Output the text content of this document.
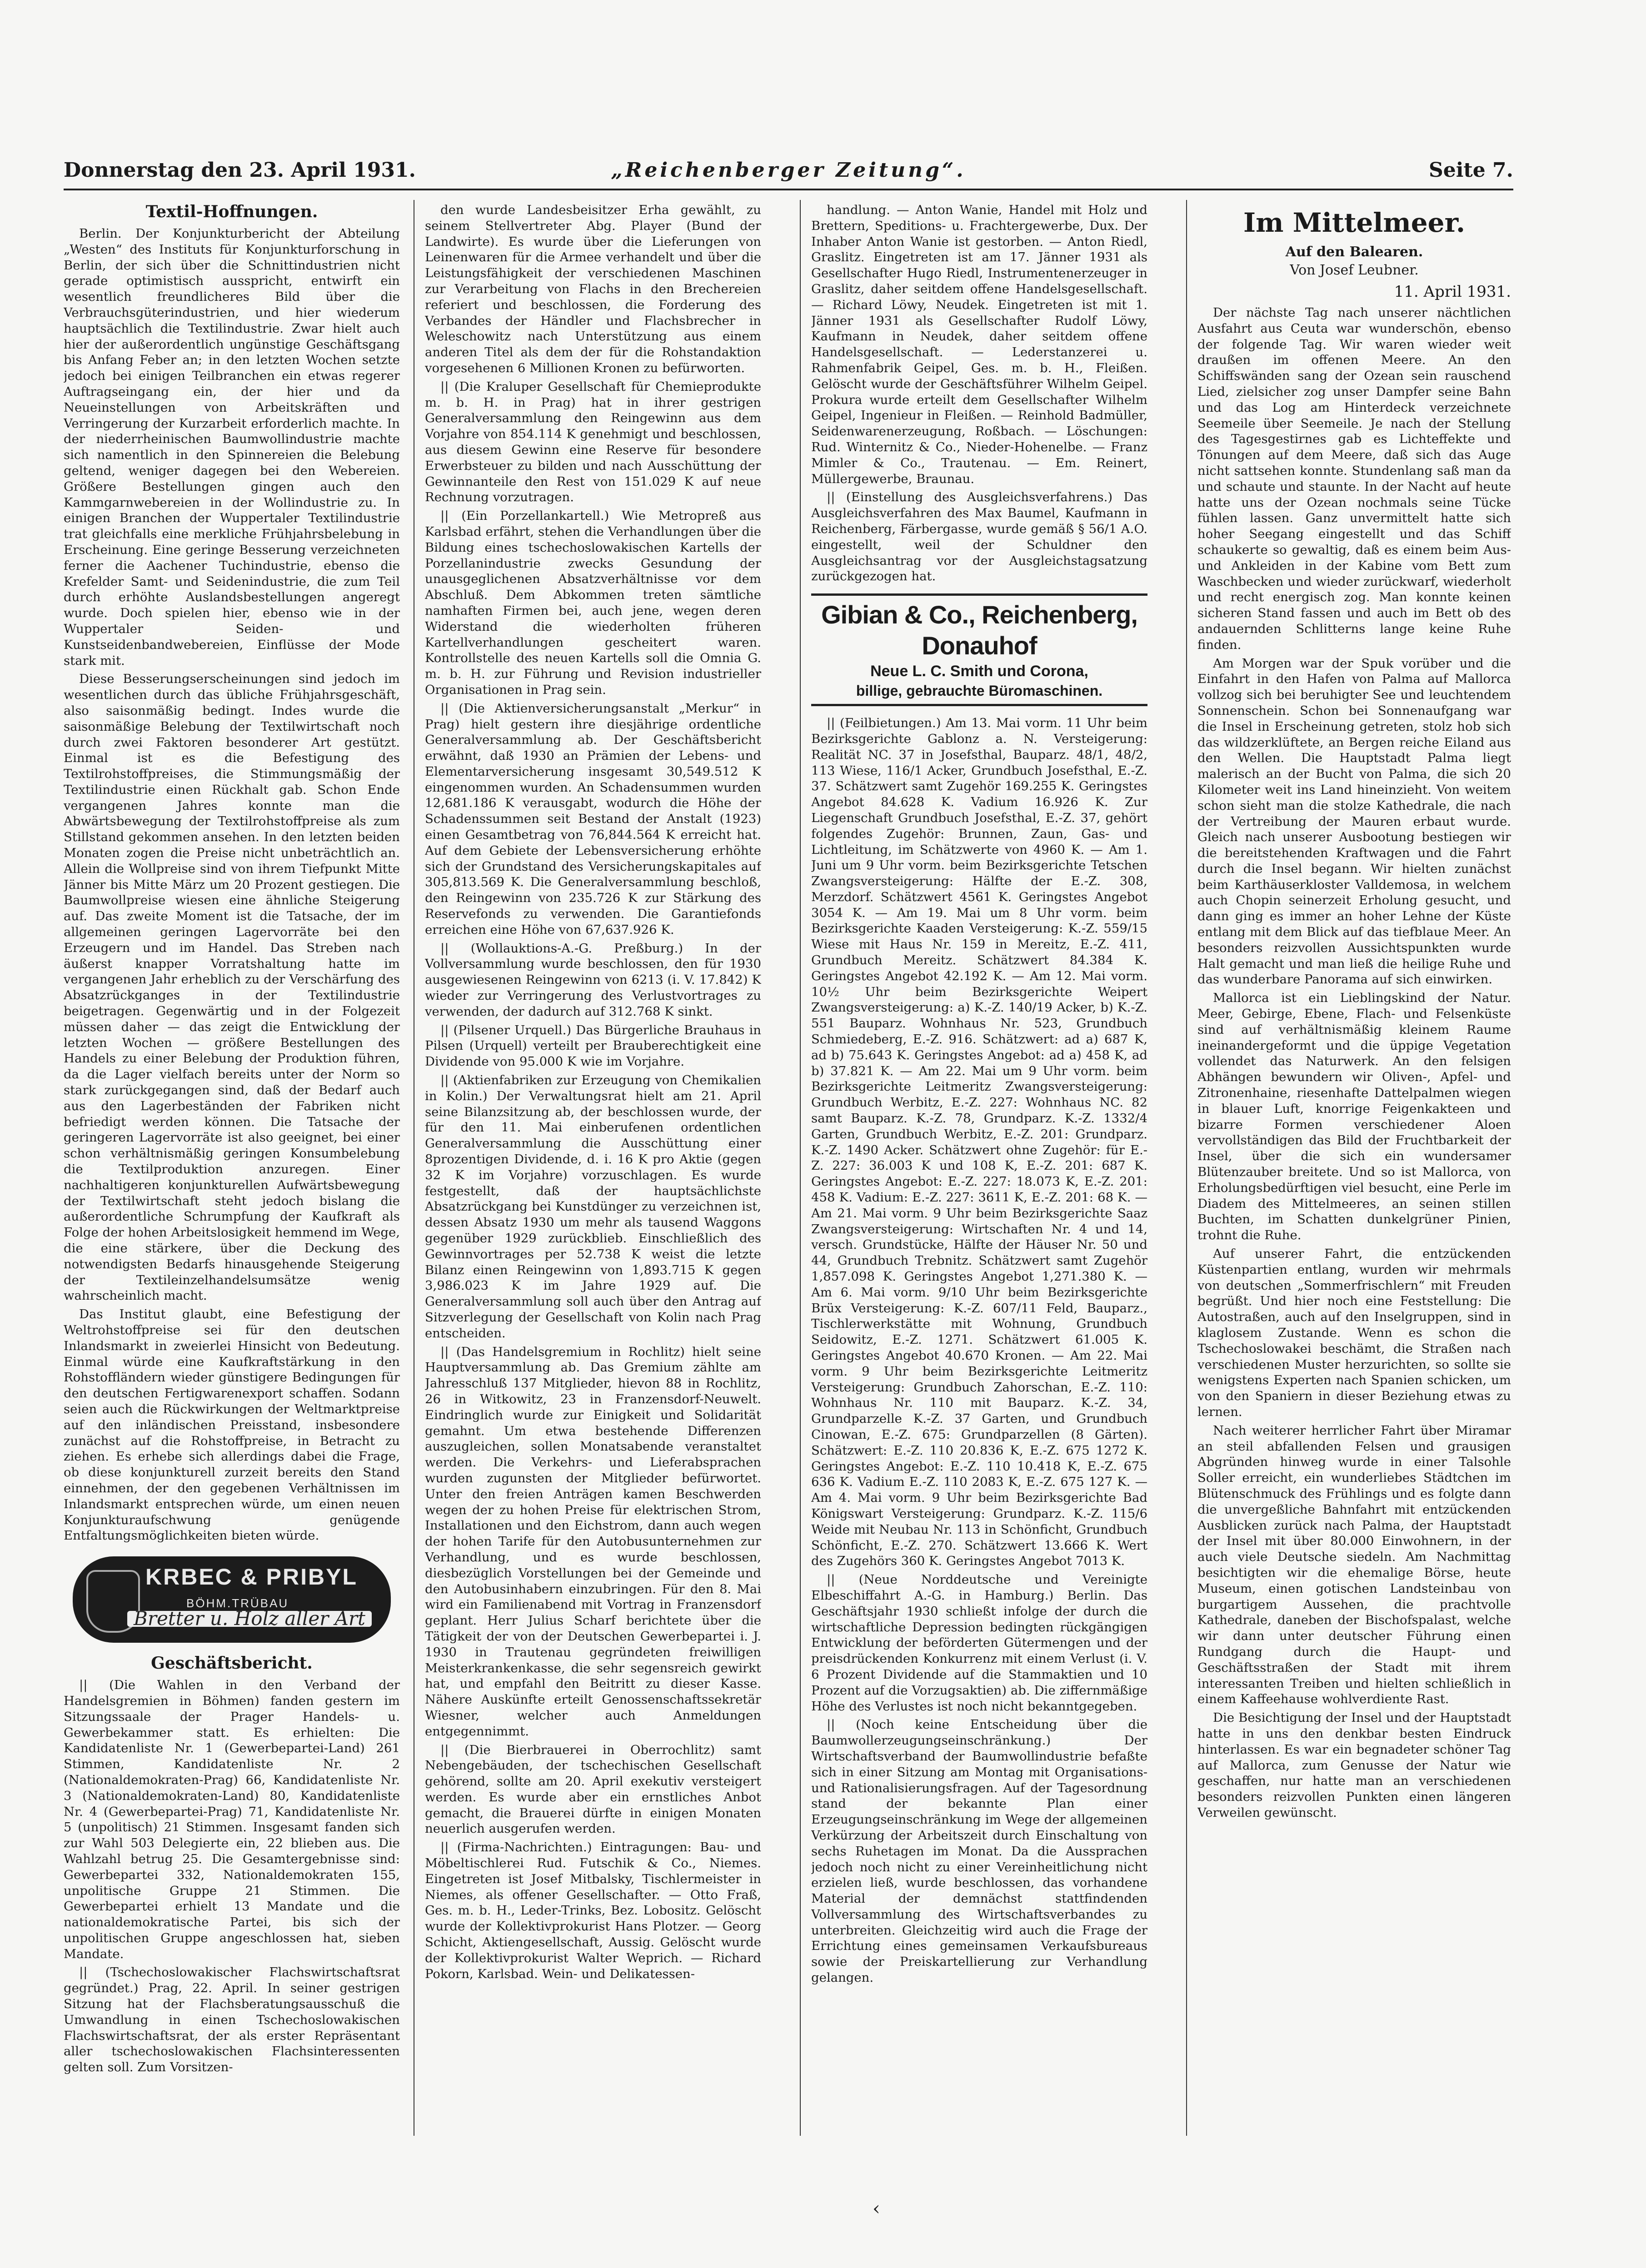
Donnerstag den 23. April 1931.	„Reichenberger Zeitung“.	Seite 7.
Textil-Hoffnungen.

Berlin. Der Konjunkturbericht der Abteilung „Westen“ des Instituts für Konjunkturforschung in Berlin, der sich über die Schnittindustrien nicht gerade optimistisch ausspricht, entwirft ein wesentlich freundlicheres Bild über die Verbrauchsgüterindustrien, und hier wiederum hauptsächlich die Textilindustrie. Zwar hielt auch hier der außerordentlich ungünstige Geschäftsgang bis Anfang Feber an; in den letzten Wochen setzte jedoch bei einigen Teilbranchen ein etwas regerer Auftragseingang ein, der hier und da Neueinstellungen von Arbeitskräften und Verringerung der Kurzarbeit erforderlich machte. In der niederrheinischen Baumwollindustrie machte sich namentlich in den Spinnereien die Belebung geltend, weniger dagegen bei den Webereien. Größere Bestellungen gingen auch den Kammgarnwebereien in der Wollindustrie zu. In einigen Branchen der Wuppertaler Textilindustrie trat gleichfalls eine merkliche Frühjahrsbelebung in Erscheinung. Eine geringe Besserung verzeichneten ferner die Aachener Tuchindustrie, ebenso die Krefelder Samt- und Seidenindustrie, die zum Teil durch erhöhte Auslandsbestellungen angeregt wurde. Doch spielen hier, ebenso wie in der Wuppertaler Seiden- und Kunstseidenbandwebereien, Einflüsse der Mode stark mit.

Diese Besserungserscheinungen sind jedoch im wesentlichen durch das übliche Frühjahrsgeschäft, also saisonmäßig bedingt. Indes wurde die saisonmäßige Belebung der Textilwirtschaft noch durch zwei Faktoren besonderer Art gestützt. Einmal ist es die Befestigung des Textilrohstoffpreises, die Stimmungsmäßig der Textilindustrie einen Rückhalt gab. Schon Ende vergangenen Jahres konnte man die Abwärtsbewegung der Textilrohstoffpreise als zum Stillstand gekommen ansehen. In den letzten beiden Monaten zogen die Preise nicht unbeträchtlich an. Allein die Wollpreise sind von ihrem Tiefpunkt Mitte Jänner bis Mitte März um 20 Prozent gestiegen. Die Baumwollpreise wiesen eine ähnliche Steigerung auf. Das zweite Moment ist die Tatsache, der im allgemeinen geringen Lagervorräte bei den Erzeugern und im Handel. Das Streben nach äußerst knapper Vorratshaltung hatte im vergangenen Jahr erheblich zu der Verschärfung des Absatzrückganges in der Textilindustrie beigetragen. Gegenwärtig und in der Folgezeit müssen daher — das zeigt die Entwicklung der letzten Wochen — größere Bestellungen des Handels zu einer Belebung der Produktion führen, da die Lager vielfach bereits unter der Norm so stark zurückgegangen sind, daß der Bedarf auch aus den Lagerbeständen der Fabriken nicht befriedigt werden können. Die Tatsache der geringeren Lagervorräte ist also geeignet, bei einer schon verhältnismäßig geringen Konsumbelebung die Textilproduktion anzuregen. Einer nachhaltigeren konjunkturellen Aufwärtsbewegung der Textilwirtschaft steht jedoch bislang die außerordentliche Schrumpfung der Kaufkraft als Folge der hohen Arbeitslosigkeit hemmend im Wege, die eine stärkere, über die Deckung des notwendigsten Bedarfs hinausgehende Steigerung der Textileinzelhandelsumsätze wenig wahrscheinlich macht.

Das Institut glaubt, eine Befestigung der Weltrohstoffpreise sei für den deutschen Inlandsmarkt in zweierlei Hinsicht von Bedeutung. Einmal würde eine Kaufkraftstärkung in den Rohstoffländern wieder günstigere Bedingungen für den deutschen Fertigwarenexport schaffen. Sodann seien auch die Rückwirkungen der Weltmarktpreise auf den inländischen Preisstand, insbesondere zunächst auf die Rohstoffpreise, in Betracht zu ziehen. Es erhebe sich allerdings dabei die Frage, ob diese konjunkturell zurzeit bereits den Stand einnehmen, der den gegebenen Verhältnissen im Inlandsmarkt entsprechen würde, um einen neuen Konjunkturaufschwung genügende Entfaltungsmöglichkeiten bieten würde.

KRBEC & PRIBYL
BÖHM.TRÜBAU
Bretter u. Holz aller Art
Geschäftsbericht.

|| (Die Wahlen in den Verband der Handelsgremien in Böhmen) fanden gestern im Sitzungssaale der Prager Handels- u. Gewerbekammer statt. Es erhielten: Die Kandidatenliste Nr. 1 (Gewerbepartei-Land) 261 Stimmen, Kandidatenliste Nr. 2 (Nationaldemokraten-Prag) 66, Kandidatenliste Nr. 3 (Nationaldemokraten-Land) 80, Kandidatenliste Nr. 4 (Gewerbepartei-Prag) 71, Kandidatenliste Nr. 5 (unpolitisch) 21 Stimmen. Insgesamt fanden sich zur Wahl 503 Delegierte ein, 22 blieben aus. Die Wahlzahl betrug 25. Die Gesamtergebnisse sind: Gewerbepartei 332, Nationaldemokraten 155, unpolitische Gruppe 21 Stimmen. Die Gewerbepartei erhielt 13 Mandate und die nationaldemokratische Partei, bis sich der unpolitischen Gruppe angeschlossen hat, sieben Mandate.

|| (Tschechoslowakischer Flachswirtschaftsrat gegründet.) Prag, 22. April. In seiner gestrigen Sitzung hat der Flachsberatungsausschuß die Umwandlung in einen Tschechoslowakischen Flachswirtschaftsrat, der als erster Repräsentant aller tschechoslowakischen Flachsinteressenten gelten soll. Zum Vorsitzen-

den wurde Landesbeisitzer Erha gewählt, zu seinem Stellvertreter Abg. Player (Bund der Landwirte). Es wurde über die Lieferungen von Leinenwaren für die Armee verhandelt und über die Leistungsfähigkeit der verschiedenen Maschinen zur Verarbeitung von Flachs in den Brechereien referiert und beschlossen, die Forderung des Verbandes der Händler und Flachsbrecher in Weleschowitz nach Unterstützung aus einem anderen Titel als dem der für die Rohstandaktion vorgesehenen 6 Millionen Kronen zu befürworten.

|| (Die Kraluper Gesellschaft für Chemieprodukte m. b. H. in Prag) hat in ihrer gestrigen Generalversammlung den Reingewinn aus dem Vorjahre von 854.114 K genehmigt und beschlossen, aus diesem Gewinn eine Reserve für besondere Erwerbsteuer zu bilden und nach Ausschüttung der Gewinnanteile den Rest von 151.029 K auf neue Rechnung vorzutragen.

|| (Ein Porzellankartell.) Wie Metropreß aus Karlsbad erfährt, stehen die Verhandlungen über die Bildung eines tschechoslowakischen Kartells der Porzellanindustrie zwecks Gesundung der unausgeglichenen Absatzverhältnisse vor dem Abschluß. Dem Abkommen treten sämtliche namhaften Firmen bei, auch jene, wegen deren Widerstand die wiederholten früheren Kartellverhandlungen gescheitert waren. Kontrollstelle des neuen Kartells soll die Omnia G. m. b. H. zur Führung und Revision industrieller Organisationen in Prag sein.

|| (Die Aktienversicherungsanstalt „Merkur“ in Prag) hielt gestern ihre diesjährige ordentliche Generalversammlung ab. Der Geschäftsbericht erwähnt, daß 1930 an Prämien der Lebens- und Elementarversicherung insgesamt 30,549.512 K eingenommen wurden. An Schadensummen wurden 12,681.186 K verausgabt, wodurch die Höhe der Schadenssummen seit Bestand der Anstalt (1923) einen Gesamtbetrag von 76,844.564 K erreicht hat. Auf dem Gebiete der Lebensversicherung erhöhte sich der Grundstand des Versicherungskapitales auf 305,813.569 K. Die Generalversammlung beschloß, den Reingewinn von 235.726 K zur Stärkung des Reservefonds zu verwenden. Die Garantiefonds erreichen eine Höhe von 67,637.926 K.

|| (Wollauktions-A.-G. Preßburg.) In der Vollversammlung wurde beschlossen, den für 1930 ausgewiesenen Reingewinn von 6213 (i. V. 17.842) K wieder zur Verringerung des Verlustvortrages zu verwenden, der dadurch auf 312.768 K sinkt.

|| (Pilsener Urquell.) Das Bürgerliche Brauhaus in Pilsen (Urquell) verteilt per Brauberechtigkeit eine Dividende von 95.000 K wie im Vorjahre.

|| (Aktienfabriken zur Erzeugung von Chemikalien in Kolin.) Der Verwaltungsrat hielt am 21. April seine Bilanzsitzung ab, der beschlossen wurde, der für den 11. Mai einberufenen ordentlichen Generalversammlung die Ausschüttung einer 8prozentigen Dividende, d. i. 16 K pro Aktie (gegen 32 K im Vorjahre) vorzuschlagen. Es wurde festgestellt, daß der hauptsächlichste Absatzrückgang bei Kunstdünger zu verzeichnen ist, dessen Absatz 1930 um mehr als tausend Waggons gegenüber 1929 zurückblieb. Einschließlich des Gewinnvortrages per 52.738 K weist die letzte Bilanz einen Reingewinn von 1,893.715 K gegen 3,986.023 K im Jahre 1929 auf. Die Generalversammlung soll auch über den Antrag auf Sitzverlegung der Gesellschaft von Kolin nach Prag entscheiden.

|| (Das Handelsgremium in Rochlitz) hielt seine Hauptversammlung ab. Das Gremium zählte am Jahresschluß 137 Mitglieder, hievon 88 in Rochlitz, 26 in Witkowitz, 23 in Franzensdorf-Neuwelt. Eindringlich wurde zur Einigkeit und Solidarität gemahnt. Um etwa bestehende Differenzen auszugleichen, sollen Monatsabende veranstaltet werden. Die Verkehrs- und Lieferabsprachen wurden zugunsten der Mitglieder befürwortet. Unter den freien Anträgen kamen Beschwerden wegen der zu hohen Preise für elektrischen Strom, Installationen und den Eichstrom, dann auch wegen der hohen Tarife für den Autobusunternehmen zur Verhandlung, und es wurde beschlossen, diesbezüglich Vorstellungen bei der Gemeinde und den Autobusinhabern einzubringen. Für den 8. Mai wird ein Familienabend mit Vortrag in Franzensdorf geplant. Herr Julius Scharf berichtete über die Tätigkeit der von der Deutschen Gewerbepartei i. J. 1930 in Trautenau gegründeten freiwilligen Meisterkrankenkasse, die sehr segensreich gewirkt hat, und empfahl den Beitritt zu dieser Kasse. Nähere Auskünfte erteilt Genossenschaftssekretär Wiesner, welcher auch Anmeldungen entgegennimmt.

|| (Die Bierbrauerei in Oberrochlitz) samt Nebengebäuden, der tschechischen Gesellschaft gehörend, sollte am 20. April exekutiv versteigert werden. Es wurde aber ein ernstliches Anbot gemacht, die Brauerei dürfte in einigen Monaten neuerlich ausgerufen werden.

|| (Firma-Nachrichten.) Eintragungen: Bau- und Möbeltischlerei Rud. Futschik & Co., Niemes. Eingetreten ist Josef Mitbalsky, Tischlermeister in Niemes, als offener Gesellschafter. — Otto Fraß, Ges. m. b. H., Leder-Trinks, Bez. Lobositz. Gelöscht wurde der Kollektivprokurist Hans Plotzer. — Georg Schicht, Aktiengesellschaft, Aussig. Gelöscht wurde der Kollektivprokurist Walter Weprich. — Richard Pokorn, Karlsbad. Wein- und Delikatessen-

handlung. — Anton Wanie, Handel mit Holz und Brettern, Speditions- u. Frachtergewerbe, Dux. Der Inhaber Anton Wanie ist gestorben. — Anton Riedl, Graslitz. Eingetreten ist am 17. Jänner 1931 als Gesellschafter Hugo Riedl, Instrumentenerzeuger in Graslitz, daher seitdem offene Handelsgesellschaft. — Richard Löwy, Neudek. Eingetreten ist mit 1. Jänner 1931 als Gesellschafter Rudolf Löwy, Kaufmann in Neudek, daher seitdem offene Handelsgesellschaft. — Lederstanzerei u. Rahmenfabrik Geipel, Ges. m. b. H., Fleißen. Gelöscht wurde der Geschäftsführer Wilhelm Geipel. Prokura wurde erteilt dem Gesellschafter Wilhelm Geipel, Ingenieur in Fleißen. — Reinhold Badmüller, Seidenwarenerzeugung, Roßbach. — Löschungen: Rud. Winternitz & Co., Nieder-Hohenelbe. — Franz Mimler & Co., Trautenau. — Em. Reinert, Müllergewerbe, Braunau.

|| (Einstellung des Ausgleichsverfahrens.) Das Ausgleichsverfahren des Max Baumel, Kaufmann in Reichenberg, Färbergasse, wurde gemäß § 56/1 A.O. eingestellt, weil der Schuldner den Ausgleichsantrag vor der Ausgleichstagsatzung zurückgezogen hat.

Gibian & Co., Reichenberg, Donauhof
Neue L. C. Smith und Corona,
billige, gebrauchte Büromaschinen.

|| (Feilbietungen.) Am 13. Mai vorm. 11 Uhr beim Bezirksgerichte Gablonz a. N. Versteigerung: Realität NC. 37 in Josefsthal, Bauparz. 48/1, 48/2, 113 Wiese, 116/1 Acker, Grundbuch Josefsthal, E.-Z. 37. Schätzwert samt Zugehör 169.255 K. Geringstes Angebot 84.628 K. Vadium 16.926 K. Zur Liegenschaft Grundbuch Josefsthal, E.-Z. 37, gehört folgendes Zugehör: Brunnen, Zaun, Gas- und Lichtleitung, im Schätzwerte von 4960 K. — Am 1. Juni um 9 Uhr vorm. beim Bezirksgerichte Tetschen Zwangsversteigerung: Hälfte der E.-Z. 308, Merzdorf. Schätzwert 4561 K. Geringstes Angebot 3054 K. — Am 19. Mai um 8 Uhr vorm. beim Bezirksgerichte Kaaden Versteigerung: K.-Z. 559/15 Wiese mit Haus Nr. 159 in Mereitz, E.-Z. 411, Grundbuch Mereitz. Schätzwert 84.384 K. Geringstes Angebot 42.192 K. — Am 12. Mai vorm. 10½ Uhr beim Bezirksgerichte Weipert Zwangsversteigerung: a) K.-Z. 140/19 Acker, b) K.-Z. 551 Bauparz. Wohnhaus Nr. 523, Grundbuch Schmiedeberg, E.-Z. 916. Schätzwert: ad a) 687 K, ad b) 75.643 K. Geringstes Angebot: ad a) 458 K, ad b) 37.821 K. — Am 22. Mai um 9 Uhr vorm. beim Bezirksgerichte Leitmeritz Zwangsversteigerung: Grundbuch Werbitz, E.-Z. 227: Wohnhaus NC. 82 samt Bauparz. K.-Z. 78, Grundparz. K.-Z. 1332/4 Garten, Grundbuch Werbitz, E.-Z. 201: Grundparz. K.-Z. 1490 Acker. Schätzwert ohne Zugehör: für E.-Z. 227: 36.003 K und 108 K, E.-Z. 201: 687 K. Geringstes Angebot: E.-Z. 227: 18.073 K, E.-Z. 201: 458 K. Vadium: E.-Z. 227: 3611 K, E.-Z. 201: 68 K. — Am 21. Mai vorm. 9 Uhr beim Bezirksgerichte Saaz Zwangsversteigerung: Wirtschaften Nr. 4 und 14, versch. Grundstücke, Hälfte der Häuser Nr. 50 und 44, Grundbuch Trebnitz. Schätzwert samt Zugehör 1,857.098 K. Geringstes Angebot 1,271.380 K. — Am 6. Mai vorm. 9/10 Uhr beim Bezirksgerichte Brüx Versteigerung: K.-Z. 607/11 Feld, Bauparz., Tischlerwerkstätte mit Wohnung, Grundbuch Seidowitz, E.-Z. 1271. Schätzwert 61.005 K. Geringstes Angebot 40.670 Kronen. — Am 22. Mai vorm. 9 Uhr beim Bezirksgerichte Leitmeritz Versteigerung: Grundbuch Zahorschan, E.-Z. 110: Wohnhaus Nr. 110 mit Bauparz. K.-Z. 34, Grundparzelle K.-Z. 37 Garten, und Grundbuch Cinowan, E.-Z. 675: Grundparzellen (8 Gärten). Schätzwert: E.-Z. 110 20.836 K, E.-Z. 675 1272 K. Geringstes Angebot: E.-Z. 110 10.418 K, E.-Z. 675 636 K. Vadium E.-Z. 110 2083 K, E.-Z. 675 127 K. — Am 4. Mai vorm. 9 Uhr beim Bezirksgerichte Bad Königswart Versteigerung: Grundparz. K.-Z. 115/6 Weide mit Neubau Nr. 113 in Schönficht, Grundbuch Schönficht, E.-Z. 270. Schätzwert 13.666 K. Wert des Zugehörs 360 K. Geringstes Angebot 7013 K.

|| (Neue Norddeutsche und Vereinigte Elbeschiffahrt A.-G. in Hamburg.) Berlin. Das Geschäftsjahr 1930 schließt infolge der durch die wirtschaftliche Depression bedingten rückgängigen Entwicklung der beförderten Gütermengen und der preisdrückenden Konkurrenz mit einem Verlust (i. V. 6 Prozent Dividende auf die Stammaktien und 10 Prozent auf die Vorzugsaktien) ab. Die ziffernmäßige Höhe des Verlustes ist noch nicht bekanntgegeben.

|| (Noch keine Entscheidung über die Baumwollerzeugungseinschränkung.) Der Wirtschaftsverband der Baumwollindustrie befaßte sich in einer Sitzung am Montag mit Organisations- und Rationalisierungsfragen. Auf der Tagesordnung stand der bekannte Plan einer Erzeugungseinschränkung im Wege der allgemeinen Verkürzung der Arbeitszeit durch Einschaltung von sechs Ruhetagen im Monat. Da die Aussprachen jedoch noch nicht zu einer Vereinheitlichung nicht erzielen ließ, wurde beschlossen, das vorhandene Material der demnächst stattfindenden Vollversammlung des Wirtschaftsverbandes zu unterbreiten. Gleichzeitig wird auch die Frage der Errichtung eines gemeinsamen Verkaufsbureaus sowie der Preiskartellierung zur Verhandlung gelangen.

Im Mittelmeer.
Auf den Balearen.
Von Josef Leubner.
11. April 1931.

Der nächste Tag nach unserer nächtlichen Ausfahrt aus Ceuta war wunderschön, ebenso der folgende Tag. Wir waren wieder weit draußen im offenen Meere. An den Schiffswänden sang der Ozean sein rauschend Lied, zielsicher zog unser Dampfer seine Bahn und das Log am Hinterdeck verzeichnete Seemeile über Seemeile. Je nach der Stellung des Tagesgestirnes gab es Lichteffekte und Tönungen auf dem Meere, daß sich das Auge nicht sattsehen konnte. Stundenlang saß man da und schaute und staunte. In der Nacht auf heute hatte uns der Ozean nochmals seine Tücke fühlen lassen. Ganz unvermittelt hatte sich hoher Seegang eingestellt und das Schiff schaukerte so gewaltig, daß es einem beim Aus- und Ankleiden in der Kabine vom Bett zum Waschbecken und wieder zurückwarf, wiederholt und recht energisch zog. Man konnte keinen sicheren Stand fassen und auch im Bett ob des andauernden Schlitterns lange keine Ruhe finden.

Am Morgen war der Spuk vorüber und die Einfahrt in den Hafen von Palma auf Mallorca vollzog sich bei beruhigter See und leuchtendem Sonnenschein. Schon bei Sonnenaufgang war die Insel in Erscheinung getreten, stolz hob sich das wildzerklüftete, an Bergen reiche Eiland aus den Wellen. Die Hauptstadt Palma liegt malerisch an der Bucht von Palma, die sich 20 Kilometer weit ins Land hineinzieht. Von weitem schon sieht man die stolze Kathedrale, die nach der Vertreibung der Mauren erbaut wurde. Gleich nach unserer Ausbootung bestiegen wir die bereitstehenden Kraftwagen und die Fahrt durch die Insel begann. Wir hielten zunächst beim Karthäuserkloster Valldemosa, in welchem auch Chopin seinerzeit Erholung gesucht, und dann ging es immer an hoher Lehne der Küste entlang mit dem Blick auf das tiefblaue Meer. An besonders reizvollen Aussichtspunkten wurde Halt gemacht und man ließ die heilige Ruhe und das wunderbare Panorama auf sich einwirken.

Mallorca ist ein Lieblingskind der Natur. Meer, Gebirge, Ebene, Flach- und Felsenküste sind auf verhältnismäßig kleinem Raume ineinandergeformt und die üppige Vegetation vollendet das Naturwerk. An den felsigen Abhängen bewundern wir Oliven-, Apfel- und Zitronenhaine, riesenhafte Dattelpalmen wiegen in blauer Luft, knorrige Feigenkakteen und bizarre Formen verschiedener Aloen vervollständigen das Bild der Fruchtbarkeit der Insel, über die sich ein wundersamer Blütenzauber breitete. Und so ist Mallorca, von Erholungsbedürftigen viel besucht, eine Perle im Diadem des Mittelmeeres, an seinen stillen Buchten, im Schatten dunkelgrüner Pinien, trohnt die Ruhe.

Auf unserer Fahrt, die entzückenden Küstenpartien entlang, wurden wir mehrmals von deutschen „Sommerfrischlern“ mit Freuden begrüßt. Und hier noch eine Feststellung: Die Autostraßen, auch auf den Inselgruppen, sind in klaglosem Zustande. Wenn es schon die Tschechoslowakei beschämt, die Straßen nach verschiedenen Muster herzurichten, so sollte sie wenigstens Experten nach Spanien schicken, um von den Spaniern in dieser Beziehung etwas zu lernen.

Nach weiterer herrlicher Fahrt über Miramar an steil abfallenden Felsen und grausigen Abgründen hinweg wurde in einer Talsohle Soller erreicht, ein wunderliebes Städtchen im Blütenschmuck des Frühlings und es folgte dann die unvergeßliche Bahnfahrt mit entzückenden Ausblicken zurück nach Palma, der Hauptstadt der Insel mit über 80.000 Einwohnern, in der auch viele Deutsche siedeln. Am Nachmittag besichtigten wir die ehemalige Börse, heute Museum, einen gotischen Landsteinbau von burgartigem Aussehen, die prachtvolle Kathedrale, daneben der Bischofspalast, welche wir dann unter deutscher Führung einen Rundgang durch die Haupt- und Geschäftsstraßen der Stadt mit ihrem interessanten Treiben und hielten schließlich in einem Kaffeehause wohlverdiente Rast.

Die Besichtigung der Insel und der Hauptstadt hatte in uns den denkbar besten Eindruck hinterlassen. Es war ein begnadeter schöner Tag auf Mallorca, zum Genusse der Natur wie geschaffen, nur hatte man an verschiedenen besonders reizvollen Punkten einen längeren Verweilen gewünscht.

‹
